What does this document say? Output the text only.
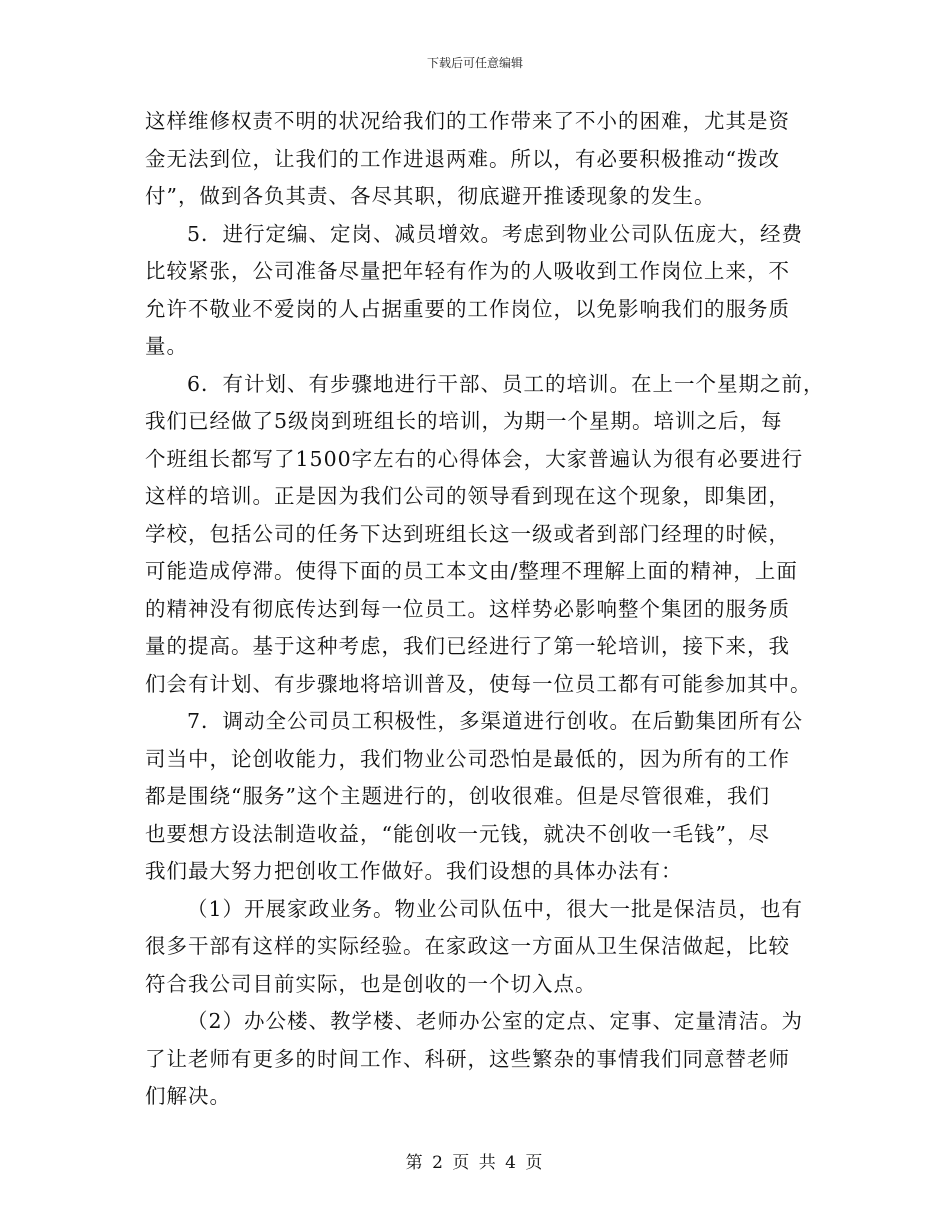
下载后可任意编辑

这样维修权责不明的状况给我们的工作带来了不小的困难，尤其是资
金无法到位，让我们的工作进退两难。所以，有必要积极推动“拨改
付”，做到各负其责、各尽其职，彻底避开推诿现象的发生。

5．进行定编、定岗、减员增效。考虑到物业公司队伍庞大，经费
比较紧张，公司准备尽量把年轻有作为的人吸收到工作岗位上来，不
允许不敬业不爱岗的人占据重要的工作岗位，以免影响我们的服务质
量。

6．有计划、有步骤地进行干部、员工的培训。在上一个星期之前，
我们已经做了5级岗到班组长的培训，为期一个星期。培训之后，每
个班组长都写了1500字左右的心得体会，大家普遍认为很有必要进行
这样的培训。正是因为我们公司的领导看到现在这个现象，即集团，
学校，包括公司的任务下达到班组长这一级或者到部门经理的时候，
可能造成停滞。使得下面的员工本文由/整理不理解上面的精神，上面
的精神没有彻底传达到每一位员工。这样势必影响整个集团的服务质
量的提高。基于这种考虑，我们已经进行了第一轮培训，接下来，我
们会有计划、有步骤地将培训普及，使每一位员工都有可能参加其中。

7．调动全公司员工积极性，多渠道进行创收。在后勤集团所有公
司当中，论创收能力，我们物业公司恐怕是最低的，因为所有的工作
都是围绕“服务”这个主题进行的，创收很难。但是尽管很难，我们
也要想方设法制造收益，“能创收一元钱，就决不创收一毛钱”，尽
我们最大努力把创收工作做好。我们设想的具体办法有：

（1）开展家政业务。物业公司队伍中，很大一批是保洁员，也有
很多干部有这样的实际经验。在家政这一方面从卫生保洁做起，比较
符合我公司目前实际，也是创收的一个切入点。

（2）办公楼、教学楼、老师办公室的定点、定事、定量清洁。为
了让老师有更多的时间工作、科研，这些繁杂的事情我们同意替老师
们解决。

第 2 页 共 4 页
